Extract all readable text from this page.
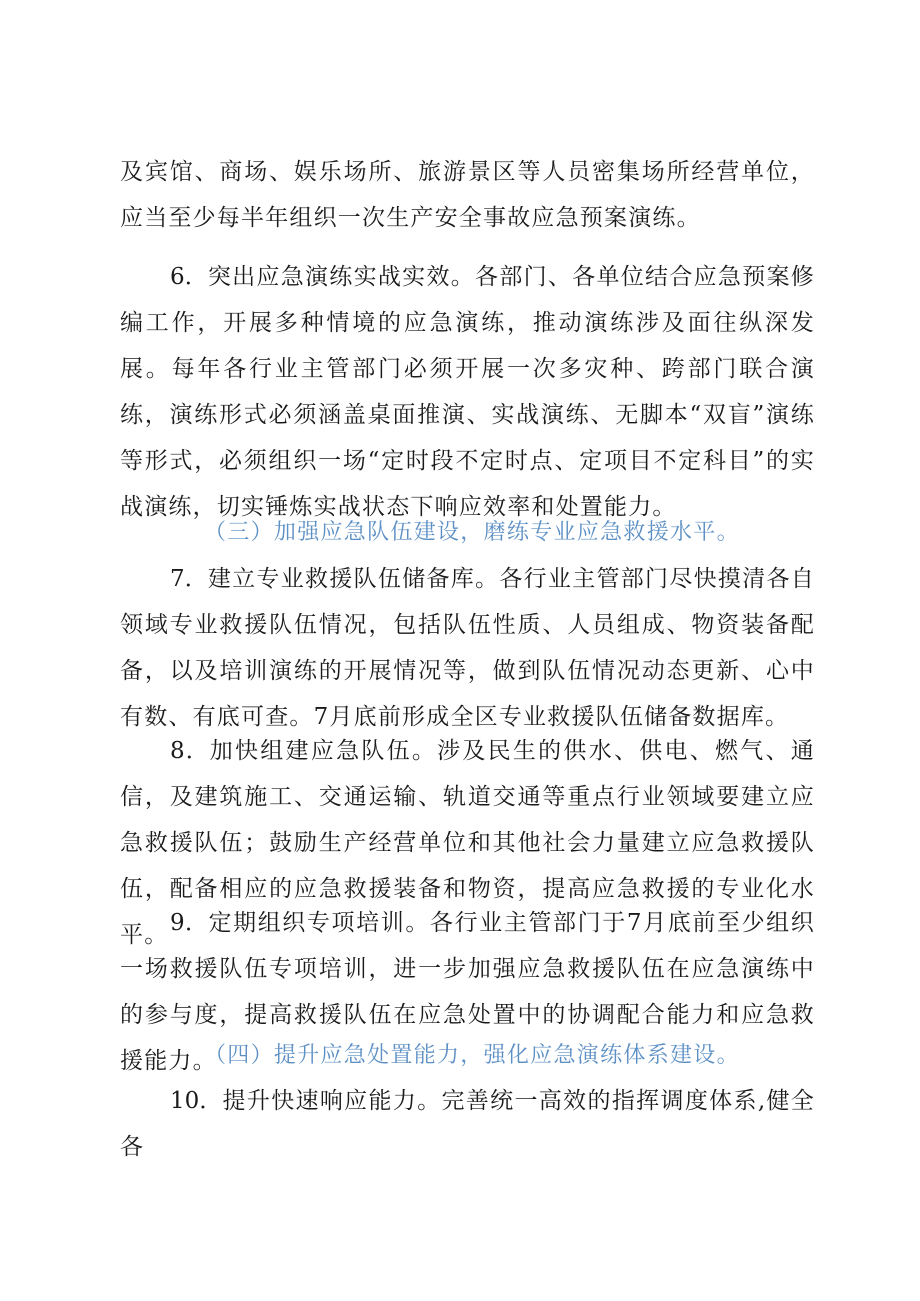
及宾馆、商场、娱乐场所、旅游景区等人员密集场所经营单位，应当至少每半年组织一次生产安全事故应急预案演练。

6．突出应急演练实战实效。各部门、各单位结合应急预案修编工作，开展多种情境的应急演练，推动演练涉及面往纵深发展。每年各行业主管部门必须开展一次多灾种、跨部门联合演练，演练形式必须涵盖桌面推演、实战演练、无脚本“双盲”演练等形式，必须组织一场“定时段不定时点、定项目不定科目”的实战演练，切实锤炼实战状态下响应效率和处置能力。

（三）加强应急队伍建设，磨练专业应急救援水平。

7．建立专业救援队伍储备库。各行业主管部门尽快摸清各自领域专业救援队伍情况，包括队伍性质、人员组成、物资装备配备，以及培训演练的开展情况等，做到队伍情况动态更新、心中有数、有底可查。7月底前形成全区专业救援队伍储备数据库。

8．加快组建应急队伍。涉及民生的供水、供电、燃气、通信，及建筑施工、交通运输、轨道交通等重点行业领域要建立应急救援队伍；鼓励生产经营单位和其他社会力量建立应急救援队伍，配备相应的应急救援装备和物资，提高应急救援的专业化水平。 9．定期组织专项培训。各行业主管部门于7月底前至少组织一场救援队伍专项培训，进一步加强应急救援队伍在应急演练中的参与度，提高救援队伍在应急处置中的协调配合能力和应急救援能力。

（四）提升应急处置能力，强化应急演练体系建设。

10．提升快速响应能力。完善统一高效的指挥调度体系,健全各
